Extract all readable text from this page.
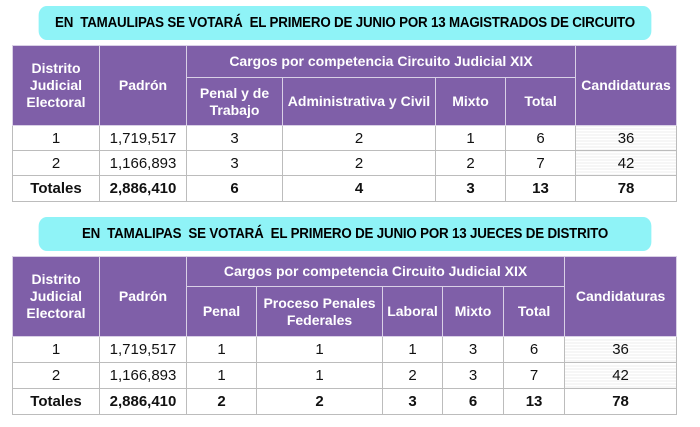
EN  TAMAULIPAS SE VOTARÁ  EL PRIMERO DE JUNIO POR 13 MAGISTRADOS DE CIRCUITO
Distrito Judicial Electoral	Padrón	Cargos por competencia Circuito Judicial XIX				Candidaturas
		Penal y de Trabajo	Administrativa y Civil	Mixto	Total	
1	1,719,517	3	2	1	6	36
2	1,166,893	3	2	2	7	42
Totales	2,886,410	6	4	3	13	78
EN  TAMALIPAS  SE VOTARÁ  EL PRIMERO DE JUNIO POR 13 JUECES DE DISTRITO
Distrito Judicial Electoral	Padrón	Cargos por competencia Circuito Judicial XIX					Candidaturas
		Penal	Proceso Penales Federales	Laboral	Mixto	Total	
1	1,719,517	1	1	1	3	6	36
2	1,166,893	1	1	2	3	7	42
Totales	2,886,410	2	2	3	6	13	78
